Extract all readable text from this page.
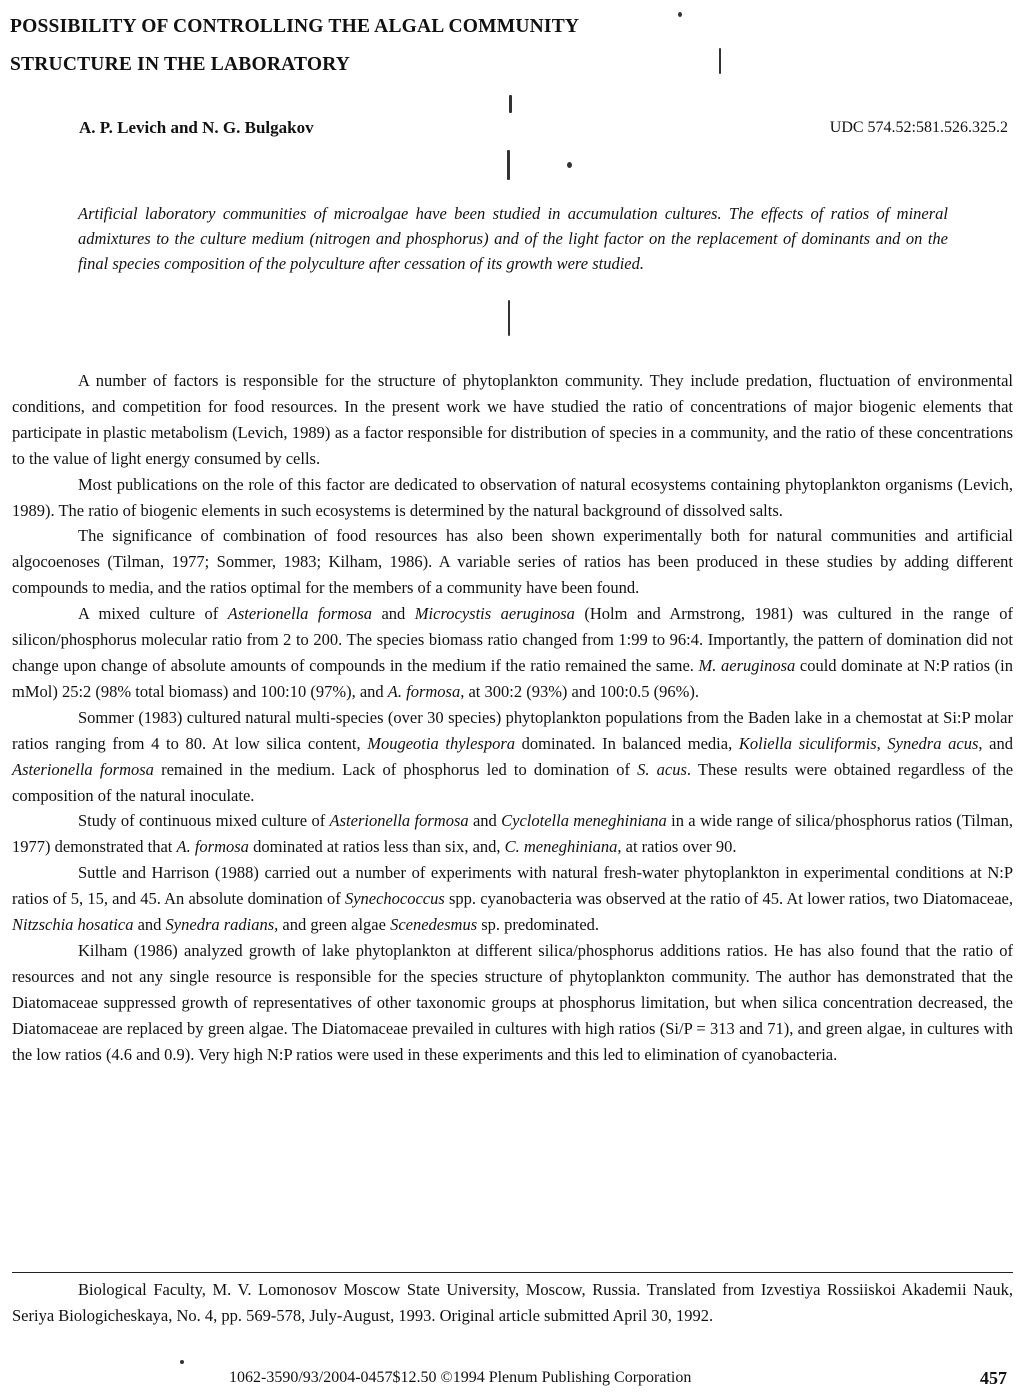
POSSIBILITY OF CONTROLLING THE ALGAL COMMUNITY
STRUCTURE IN THE LABORATORY
A. P. Levich and N. G. Bulgakov	UDC 574.52:581.526.325.2

Artificial laboratory communities of microalgae have been studied in accumulation cultures. The effects of ratios of mineral admixtures to the culture medium (nitrogen and phosphorus) and of the light factor on the replacement of dominants and on the final species composition of the polyculture after cessation of its growth were studied.

A number of factors is responsible for the structure of phytoplankton community. They include predation, fluctuation of environmental conditions, and competition for food resources. In the present work we have studied the ratio of concentrations of major biogenic elements that participate in plastic metabolism (Levich, 1989) as a factor responsible for distribution of species in a community, and the ratio of these concentrations to the value of light energy consumed by cells.

Most publications on the role of this factor are dedicated to observation of natural ecosystems containing phytoplankton organisms (Levich, 1989). The ratio of biogenic elements in such ecosystems is determined by the natural background of dissolved salts.

The significance of combination of food resources has also been shown experimentally both for natural communities and artificial algocoenoses (Tilman, 1977; Sommer, 1983; Kilham, 1986). A variable series of ratios has been produced in these studies by adding different compounds to media, and the ratios optimal for the members of a community have been found.

A mixed culture of Asterionella formosa and Microcystis aeruginosa (Holm and Armstrong, 1981) was cultured in the range of silicon/phosphorus molecular ratio from 2 to 200. The species biomass ratio changed from 1:99 to 96:4. Importantly, the pattern of domination did not change upon change of absolute amounts of compounds in the medium if the ratio remained the same. M. aeruginosa could dominate at N:P ratios (in mMol) 25:2 (98% total biomass) and 100:10 (97%), and A. formosa, at 300:2 (93%) and 100:0.5 (96%).

Sommer (1983) cultured natural multi-species (over 30 species) phytoplankton populations from the Baden lake in a chemostat at Si:P molar ratios ranging from 4 to 80. At low silica content, Mougeotia thylespora dominated. In balanced media, Koliella siculiformis, Synedra acus, and Asterionella formosa remained in the medium. Lack of phosphorus led to domination of S. acus. These results were obtained regardless of the composition of the natural inoculate.

Study of continuous mixed culture of Asterionella formosa and Cyclotella meneghiniana in a wide range of silica/phosphorus ratios (Tilman, 1977) demonstrated that A. formosa dominated at ratios less than six, and, C. meneghiniana, at ratios over 90.

Suttle and Harrison (1988) carried out a number of experiments with natural fresh-water phytoplankton in experimental conditions at N:P ratios of 5, 15, and 45. An absolute domination of Synechococcus spp. cyanobacteria was observed at the ratio of 45. At lower ratios, two Diatomaceae, Nitzschia hosatica and Synedra radians, and green algae Scenedesmus sp. predominated.

Kilham (1986) analyzed growth of lake phytoplankton at different silica/phosphorus additions ratios. He has also found that the ratio of resources and not any single resource is responsible for the species structure of phytoplankton community. The author has demonstrated that the Diatomaceae suppressed growth of representatives of other taxonomic groups at phosphorus limitation, but when silica concentration decreased, the Diatomaceae are replaced by green algae. The Diatomaceae prevailed in cultures with high ratios (Si/P = 313 and 71), and green algae, in cultures with the low ratios (4.6 and 0.9). Very high N:P ratios were used in these experiments and this led to elimination of cyanobacteria.

Biological Faculty, M. V. Lomonosov Moscow State University, Moscow, Russia. Translated from Izvestiya Rossiiskoi Akademii Nauk, Seriya Biologicheskaya, No. 4, pp. 569-578, July-August, 1993. Original article submitted April 30, 1992.

1062-3590/93/2004-0457$12.50 ©1994 Plenum Publishing Corporation	457
